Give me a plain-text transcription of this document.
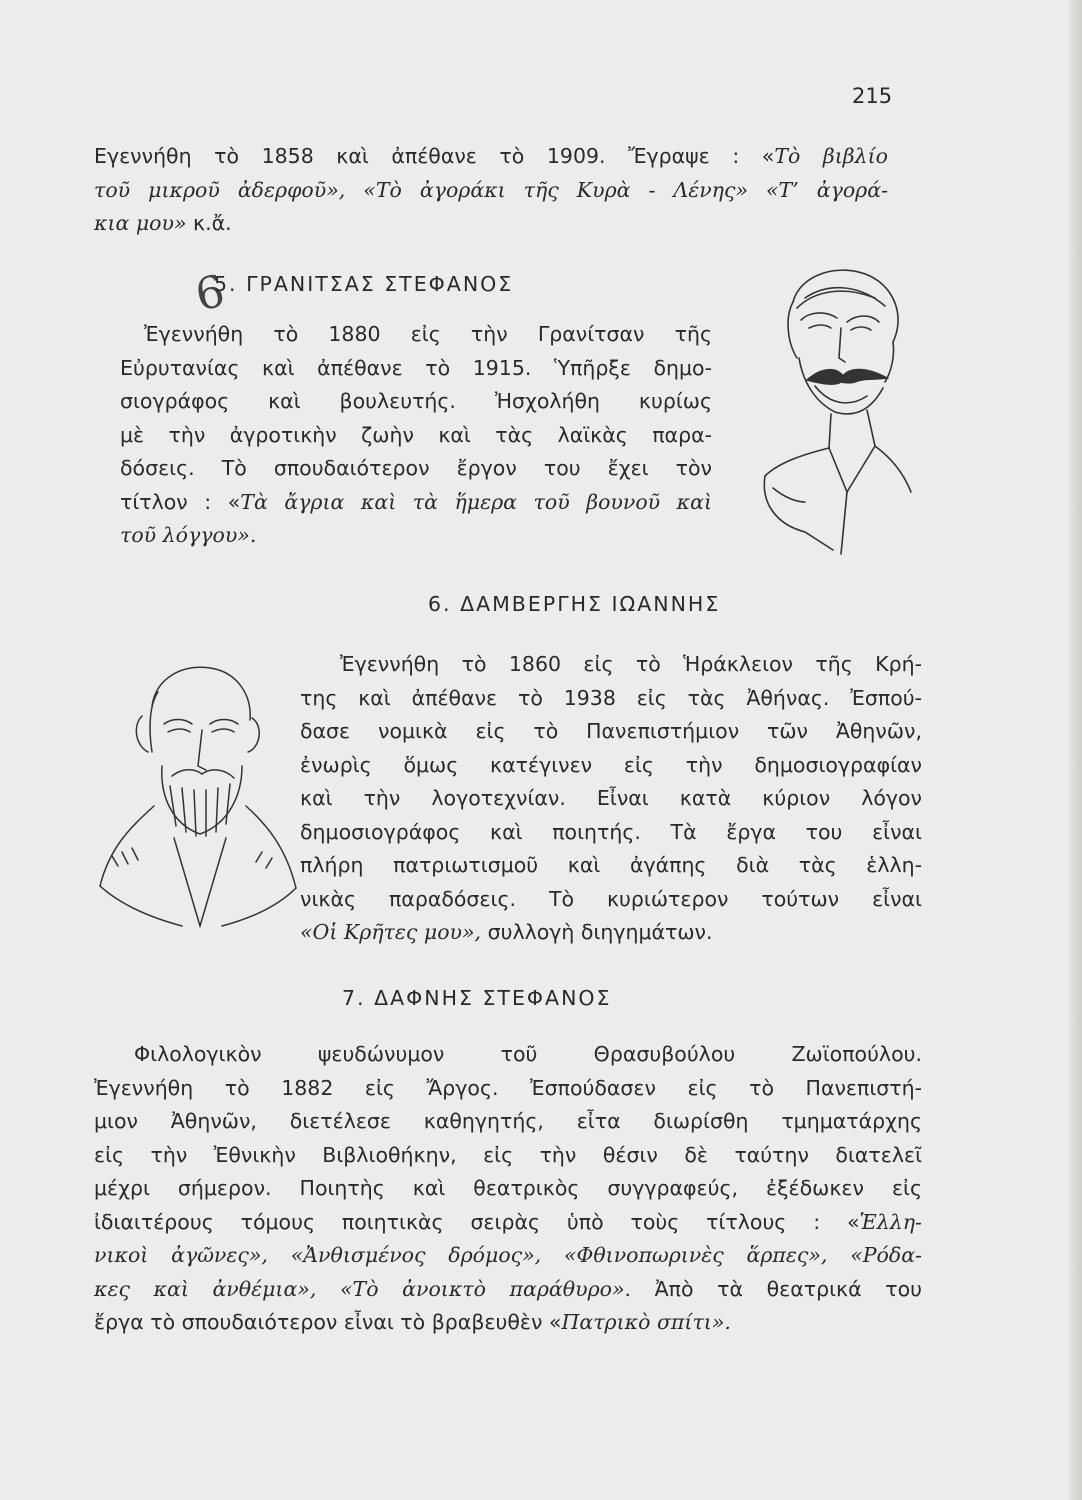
215
6
Εγεννήθη τὸ 1858 καὶ ἀπέθανε τὸ 1909. Ἔγραψε : «Τὸ βιβλίο
τοῦ μικροῦ ἀδερφοῦ», «Τὸ ἀγοράκι τῆς Κυρὰ - Λένης» «Τ’ ἀγορά-
κια μου» κ.ἄ.
5. ΓΡΑΝΙΤΣΑΣ ΣΤΕΦΑΝΟΣ
Ἐγεννήθη τὸ 1880 εἰς τὴν Γρανίτσαν τῆς
Εὐρυτανίας καὶ ἀπέθανε τὸ 1915. Ὑπῆρξε δημο-
σιογράφος καὶ βουλευτής. Ἠσχολήθη κυρίως
μὲ τὴν ἀγροτικὴν ζωὴν καὶ τὰς λαϊκὰς παρα-
δόσεις. Τὸ σπουδαιότερον ἔργον του ἔχει τὸν
τίτλον : «Τὰ ἄγρια καὶ τὰ ἥμερα τοῦ βουνοῦ καὶ
τοῦ λόγγου».
6. ΔΑΜΒΕΡΓΗΣ ΙΩΑΝΝΗΣ
Ἐγεννήθη τὸ 1860 εἰς τὸ Ἡράκλειον τῆς Κρή-
της καὶ ἀπέθανε τὸ 1938 εἰς τὰς Ἀθήνας. Ἐσπού-
δασε νομικὰ εἰς τὸ Πανεπιστήμιον τῶν Ἀθηνῶν,
ἐνωρὶς ὅμως κατέγινεν εἰς τὴν δημοσιογραφίαν
καὶ τὴν λογοτεχνίαν. Εἶναι κατὰ κύριον λόγον
δημοσιογράφος καὶ ποιητής. Τὰ ἔργα του εἶναι
πλήρη πατριωτισμοῦ καὶ ἀγάπης διὰ τὰς ἑλλη-
νικὰς παραδόσεις. Τὸ κυριώτερον τούτων εἶναι
«Οἱ Κρῆτες μου», συλλογὴ διηγημάτων.
7. ΔΑΦΝΗΣ ΣΤΕΦΑΝΟΣ
Φιλολογικὸν ψευδώνυμον τοῦ Θρασυβούλου Ζωϊοπούλου.
Ἐγεννήθη τὸ 1882 εἰς Ἄργος. Ἐσπούδασεν εἰς τὸ Πανεπιστή-
μιον Ἀθηνῶν, διετέλεσε καθηγητής, εἶτα διωρίσθη τμηματάρχης
εἰς τὴν Ἐθνικὴν Βιβλιοθήκην, εἰς τὴν θέσιν δὲ ταύτην διατελεῖ
μέχρι σήμερον. Ποιητὴς καὶ θεατρικὸς συγγραφεύς, ἐξέδωκεν εἰς
ἰδιαιτέρους τόμους ποιητικὰς σειρὰς ὑπὸ τοὺς τίτλους : «Ἑλλη-
νικοὶ ἀγῶνες», «Ἀνθισμένος δρόμος», «Φθινοπωρινὲς ἅρπες», «Ρόδα-
κες καὶ ἀνθέμια», «Τὸ ἀνοικτὸ παράθυρο». Ἀπὸ τὰ θεατρικά του
ἔργα τὸ σπουδαιότερον εἶναι τὸ βραβευθὲν «Πατρικὸ σπίτι».
